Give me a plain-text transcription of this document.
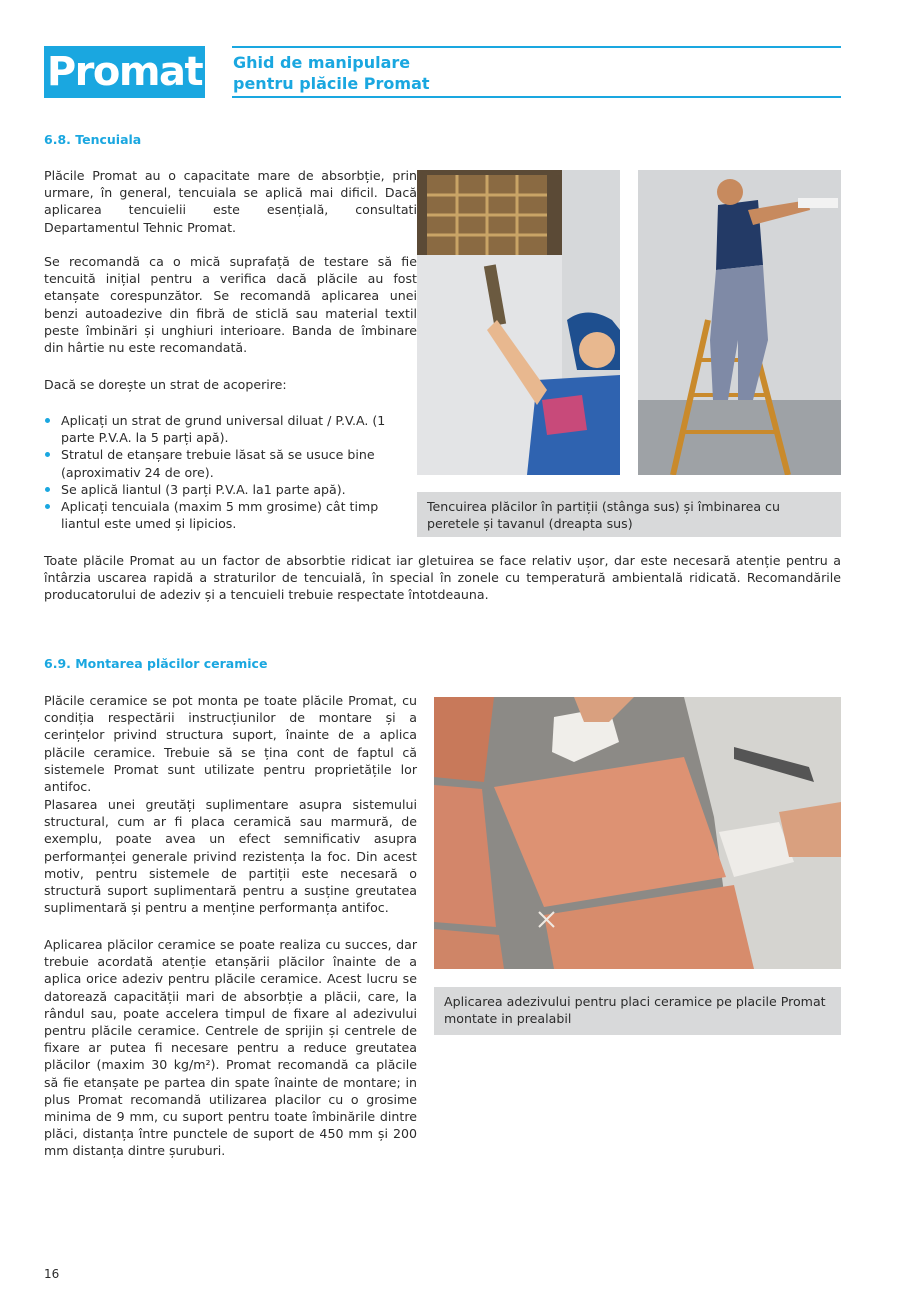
Promat Ghid de manipulare
pentru plăcile Promat
6.8. Tencuiala

Plăcile Promat au o capacitate mare de absorbție, prin urmare, în general, tencuiala se aplică mai dificil. Dacă aplicarea tencuielii este esențială, consultati Departamentul Tehnic Promat.

Se recomandă ca o mică suprafață de testare să fie tencuită inițial pentru a verifica dacă plăcile au fost etanșate corespunzător. Se recomandă aplicarea unei benzi autoadezive din fibră de sticlă sau material textil peste îmbinări și unghiuri interioare. Banda de îmbinare din hârtie nu este recomandată.

Dacă se dorește un strat de acoperire:

Aplicați un strat de grund universal diluat / P.V.A. (1 parte P.V.A. la 5 parți apă).
Stratul de etanșare trebuie lăsat să se usuce bine (aproximativ 24 de ore).
Se aplică liantul (3 parți P.V.A. la1 parte apă).
Aplicați tencuiala (maxim 5 mm grosime) cât timp liantul este umed și lipicios.
Tencuirea plăcilor în partiții (stânga sus) și îmbinarea cu peretele și tavanul (dreapta sus)

Toate plăcile Promat au un factor de absorbtie ridicat iar gletuirea se face relativ ușor, dar este necesară atenție pentru a întârzia uscarea rapidă a straturilor de tencuială, în special în zonele cu temperatură ambientală ridicată. Recomandările producatorului de adeziv și a tencuieli trebuie respectate întotdeauna.

6.9. Montarea plăcilor ceramice

Plăcile ceramice se pot monta pe toate plăcile Promat, cu condiția respectării instrucțiunilor de montare și a cerințelor privind structura suport, înainte de a aplica plăcile ceramice. Trebuie să se țina cont de faptul că sistemele Promat sunt utilizate pentru proprietățile lor antifoc.

Plasarea unei greutăți suplimentare asupra sistemului structural, cum ar fi placa ceramică sau marmură, de exemplu, poate avea un efect semnificativ asupra performanței generale privind rezistența la foc. Din acest motiv, pentru sistemele de partiții este necesară o structură suport suplimentară pentru a susține greutatea suplimentară și pentru a menține performanța antifoc.

Aplicarea plăcilor ceramice se poate realiza cu succes, dar trebuie acordată atenție etanșării plăcilor înainte de a aplica orice adeziv pentru plăcile ceramice. Acest lucru se datorează capacității mari de absorbție a plăcii, care, la rândul sau, poate accelera timpul de fixare al adezivului pentru plăcile ceramice. Centrele de sprijin și centrele de fixare ar putea fi necesare pentru a reduce greutatea plăcilor (maxim 30 kg/m²). Promat recomandă ca plăcile să fie etanșate pe partea din spate înainte de montare; in plus Promat recomandă utilizarea placilor cu o grosime minima de 9 mm, cu suport pentru toate îmbinările dintre plăci, distanța între punctele de suport de 450 mm și 200 mm distanța dintre șuruburi.

Aplicarea adezivului pentru placi ceramice pe placile Promat montate in prealabil
16
